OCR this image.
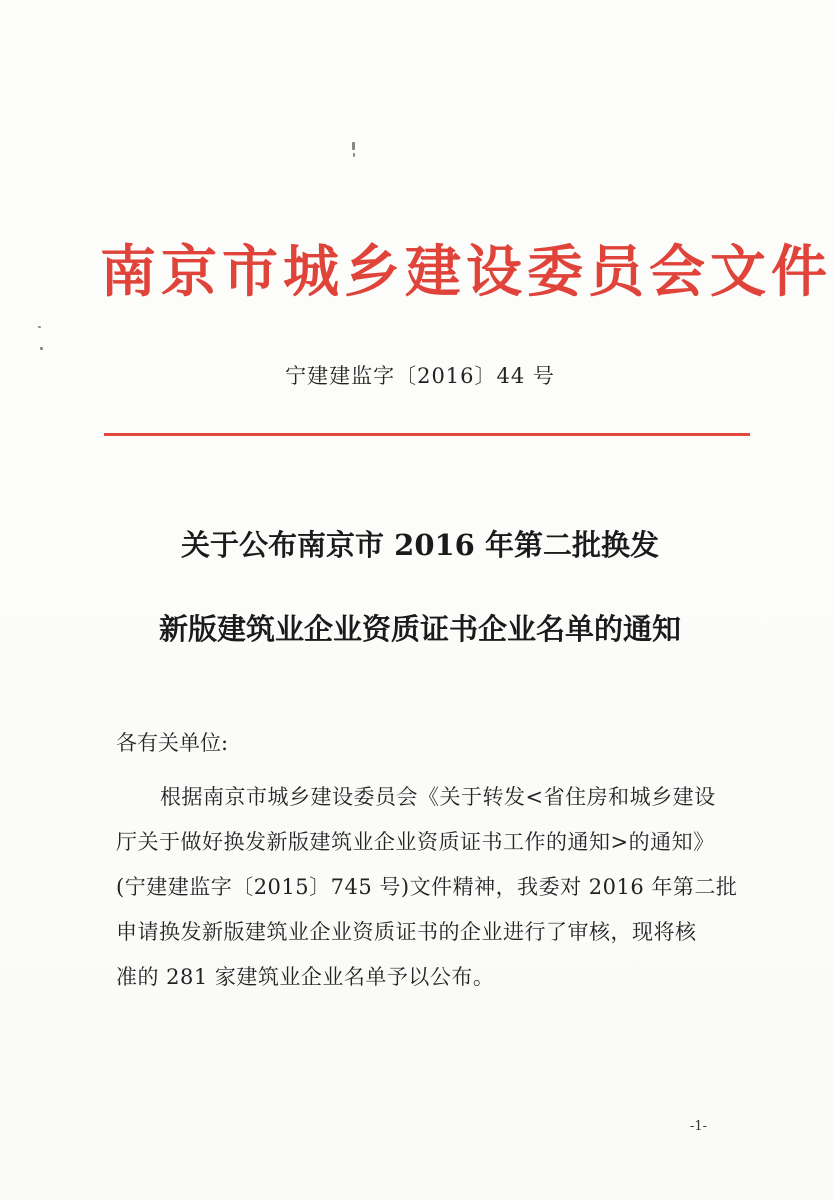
南京市城乡建设委员会文件
宁建建监字〔2016〕44 号
关于公布南京市 2016 年第二批换发
新版建筑业企业资质证书企业名单的通知
各有关单位:
根据南京市城乡建设委员会《关于转发<省住房和城乡建设
厅关于做好换发新版建筑业企业资质证书工作的通知>的通知》
(宁建建监字〔2015〕745 号)文件精神，我委对 2016 年第二批
申请换发新版建筑业企业资质证书的企业进行了审核，现将核
准的 281 家建筑业企业名单予以公布。
-1-
